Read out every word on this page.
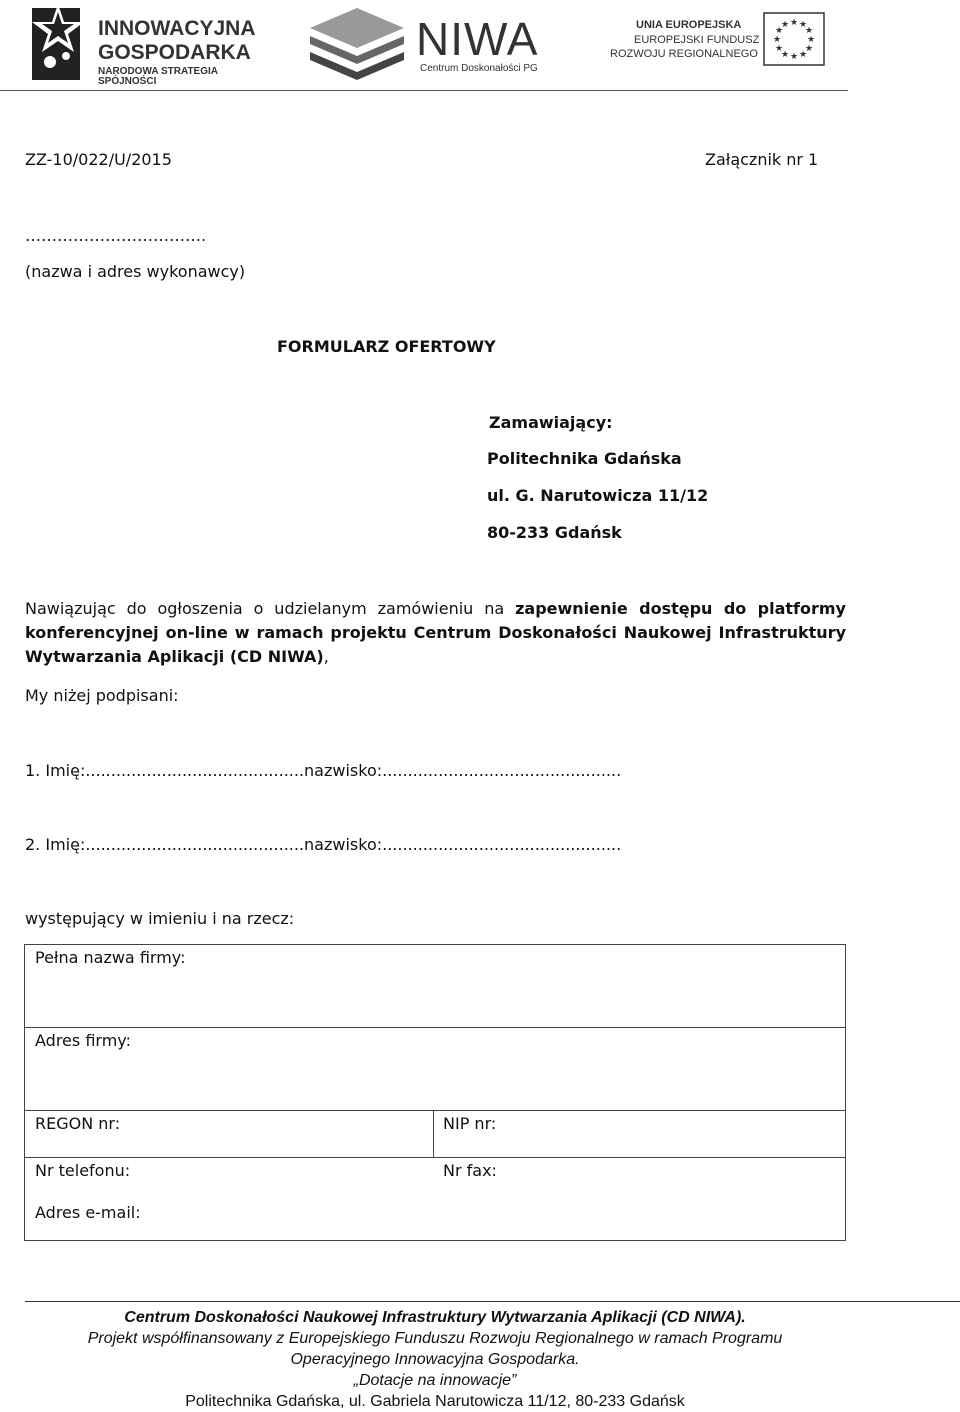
INNOWACYJNA
GOSPODARKA
NARODOWA STRATEGIA SPÓJNOŚCI
NIWA
Centrum Doskonałości PG
UNIA EUROPEJSKA
EUROPEJSKI FUNDUSZ
ROZWOJU REGIONALNEGO
★ ★
★
★
★
★
★
★
★
★
★
★
ZZ-10/022/U/2015	Załącznik nr 1
…………………………….
(nazwa i adres wykonawcy)
FORMULARZ OFERTOWY
Zamawiający:
Politechnika Gdańska
ul. G. Narutowicza 11/12
80-233 Gdańsk
Nawiązując do ogłoszenia o udzielanym zamówieniu na zapewnienie dostępu do platformy konferencyjnej on-line w ramach projektu Centrum Doskonałości Naukowej Infrastruktury Wytwarzania Aplikacji (CD NIWA),
My niżej podpisani:
1. Imię:...........................................nazwisko:...............................................
2. Imię:...........................................nazwisko:...............................................
występujący w imieniu i na rzecz:
Pełna nazwa firmy:
Adres firmy:
REGON nr:	NIP nr:
Nr telefonu:	Nr fax:
Adres e-mail:
Centrum Doskonałości Naukowej Infrastruktury Wytwarzania Aplikacji (CD NIWA).
Projekt współfinansowany z Europejskiego Funduszu Rozwoju Regionalnego w ramach Programu
Operacyjnego Innowacyjna Gospodarka.
„Dotacje na innowacje”
Politechnika Gdańska, ul. Gabriela Narutowicza 11/12, 80-233 Gdańsk
